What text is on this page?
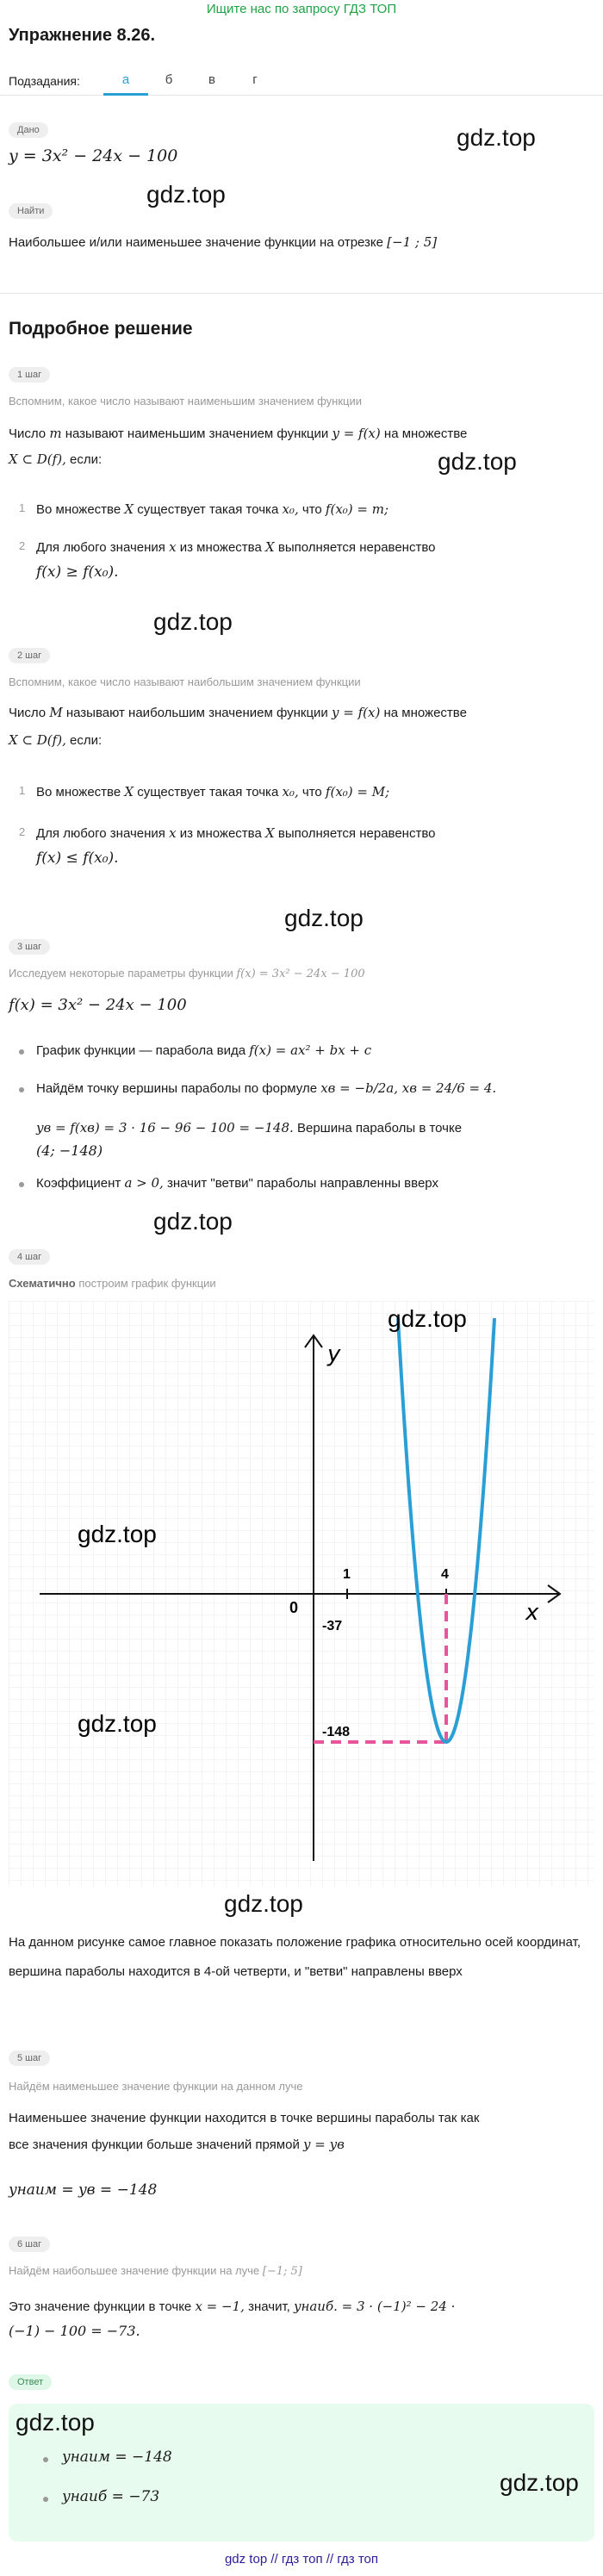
Ищите нас по запросу ГДЗ ТОП
Упражнение 8.26.
Подзадания:	а	б	в	г
Дано
y = 3x² − 24x − 100
gdz.top
gdz.top
Найти
Наибольшее и/или наименьшее значение функции на отрезке [−1 ; 5]
Подробное решение
1 шаг
Вспомним, какое число называют наименьшим значением функции
Число m называют наименьшим значением функции y = f(x) на множестве
gdz.top
X ⊂ D(f), если:
1 Во множестве X существует такая точка x₀, что f(x₀) = m;
2 Для любого значения x из множества X выполняется неравенство
f(x) ≥ f(x₀).
gdz.top
2 шаг
Вспомним, какое число называют наибольшим значением функции
Число M называют наибольшим значением функции y = f(x) на множестве
X ⊂ D(f), если:
1 Во множестве X существует такая точка x₀, что f(x₀) = M;
2 Для любого значения x из множества X выполняется неравенство
f(x) ≤ f(x₀).
gdz.top
3 шаг
Исследуем некоторые параметры функции f(x) = 3x² − 24x − 100
f(x) = 3x² − 24x − 100
График функции — парабола вида f(x) = ax² + bx + c
Найдём точку вершины параболы по формуле xв = −b/2a, xв = 24/6 = 4.
yв = f(xв) = 3 · 16 − 96 − 100 = −148. Вершина параболы в точке
(4; −148)
Коэффициент a > 0, значит "ветви" параболы направленны вверх
gdz.top
4 шаг
Схематично построим график функции
y
x
0
1	4
-37
-148
gdz.top
gdz.top
gdz.top
gdz.top
На данном рисунке самое главное показать положение графика относительно осей координат, вершина параболы находится в 4-ой четверти, и "ветви" направлены вверх
5 шаг
Найдём наименьшее значение функции на данном луче
Наименьшее значение функции находится в точке вершины параболы так как
все значения функции больше значений прямой y = yв
yнаим = yв = −148
6 шаг
Найдём наибольшее значение функции на луче [−1; 5]
Это значение функции в точке x = −1, значит, yнаиб. = 3 · (−1)² − 24 ·
(−1) − 100 = −73.
Ответ
gdz.top
yнаим = −148
yнаиб = −73
gdz.top
gdz top // гдз топ // гдз топ
